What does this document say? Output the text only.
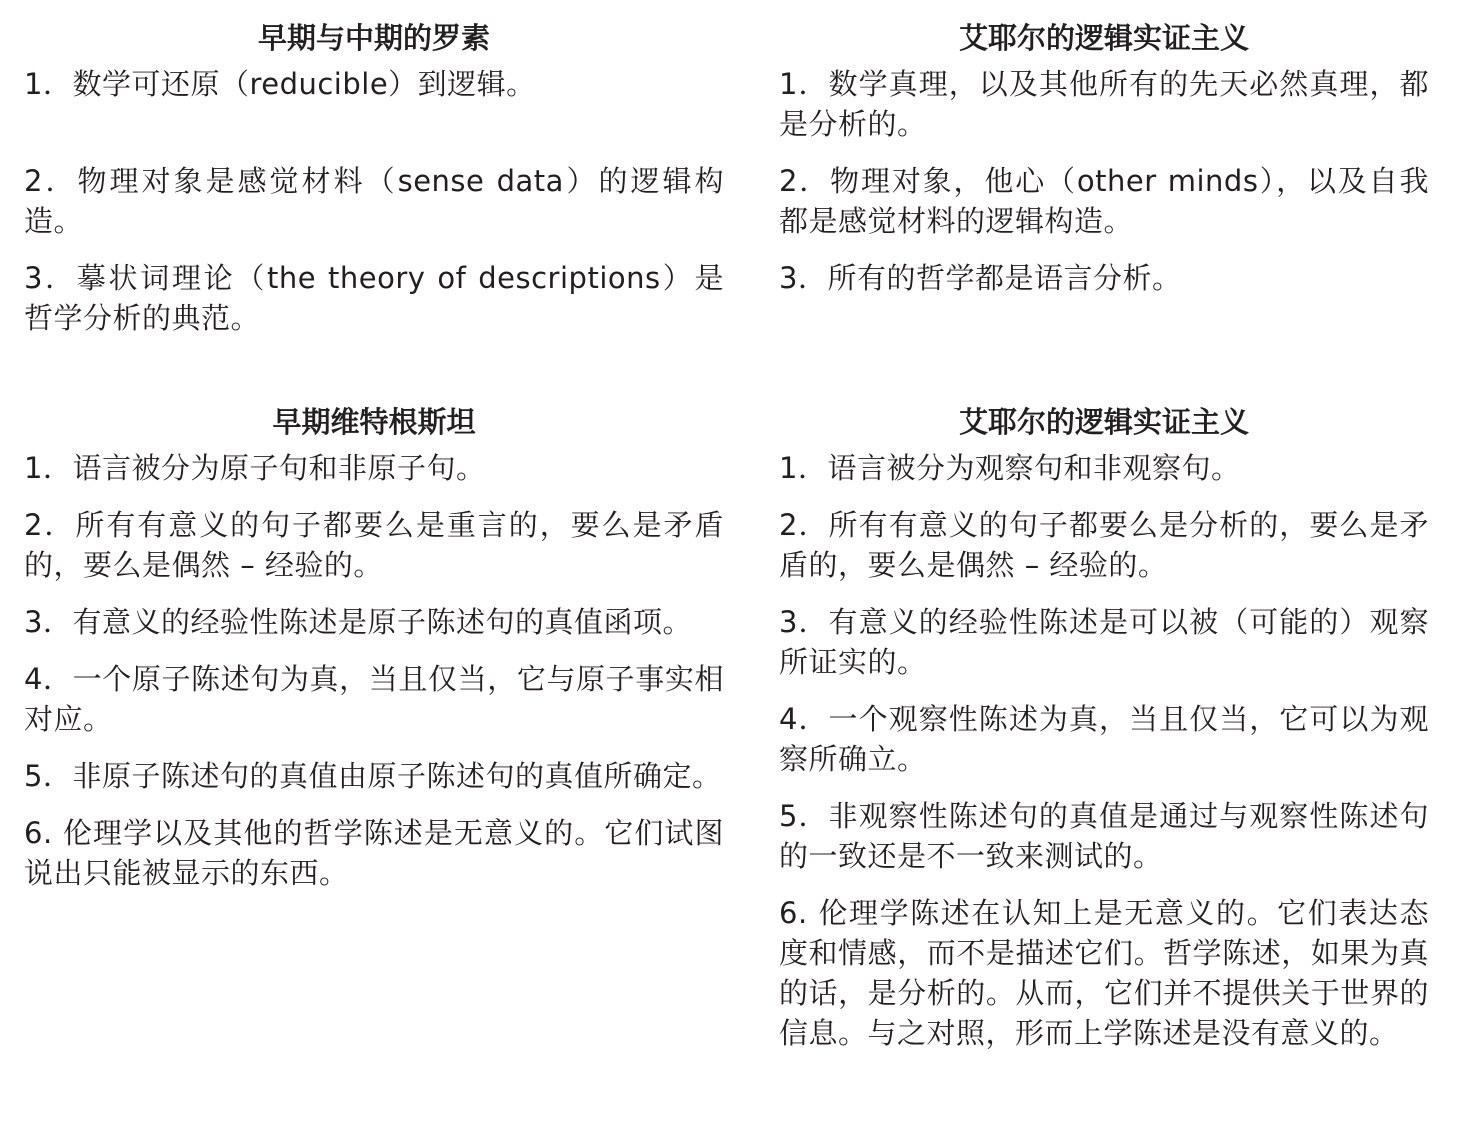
早期与中期的罗素

1．数学可还原（reducible）到逻辑。

2．物理对象是感觉材料（sense data）的逻辑构造。

3．摹状词理论（the theory of descriptions）是哲学分析的典范。

艾耶尔的逻辑实证主义

1．数学真理，以及其他所有的先天必然真理，都是分析的。

2．物理对象，他心（other minds），以及自我都是感觉材料的逻辑构造。

3．所有的哲学都是语言分析。

早期维特根斯坦

1．语言被分为原子句和非原子句。

2．所有有意义的句子都要么是重言的，要么是矛盾的，要么是偶然 – 经验的。

3．有意义的经验性陈述是原子陈述句的真值函项。

4．一个原子陈述句为真，当且仅当，它与原子事实相对应。

5．非原子陈述句的真值由原子陈述句的真值所确定。

6. 伦理学以及其他的哲学陈述是无意义的。它们试图说出只能被显示的东西。

艾耶尔的逻辑实证主义

1．语言被分为观察句和非观察句。

2．所有有意义的句子都要么是分析的，要么是矛盾的，要么是偶然 – 经验的。

3．有意义的经验性陈述是可以被（可能的）观察所证实的。

4．一个观察性陈述为真，当且仅当，它可以为观察所确立。

5．非观察性陈述句的真值是通过与观察性陈述句的一致还是不一致来测试的。

6. 伦理学陈述在认知上是无意义的。它们表达态度和情感，而不是描述它们。哲学陈述，如果为真的话，是分析的。从而，它们并不提供关于世界的信息。与之对照，形而上学陈述是没有意义的。
